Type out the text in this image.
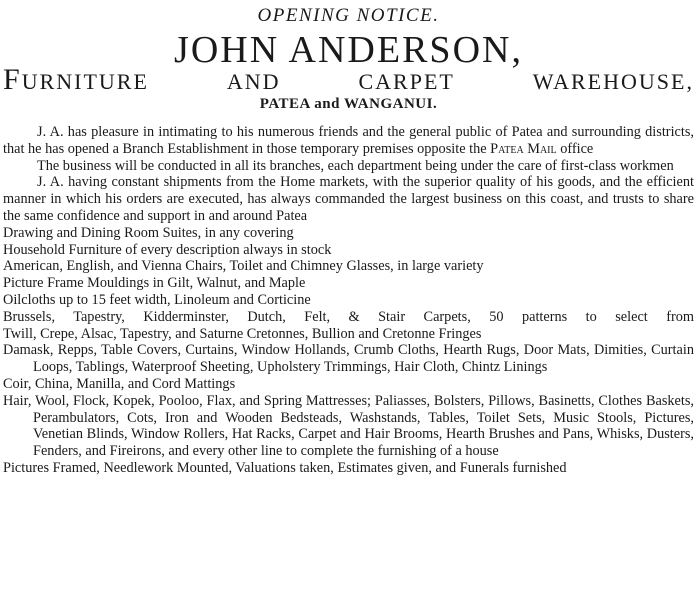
OPENING NOTICE.
JOHN ANDERSON,
FURNITURE	AND	CARPET	WAREHOUSE,
PATEA and WANGANUI.
J. A. has pleasure in intimating to his numerous friends and the general public of Patea and surrounding districts, that he has opened a Branch Establishment in those temporary premises opposite the Patea Mail office
The business will be conducted in all its branches, each department being under the care of first-class workmen
J. A. having constant shipments from the Home markets, with the superior quality of his goods, and the efficient manner in which his orders are executed, has always commanded the largest business on this coast, and trusts to share the same confidence and support in and around Patea
Drawing and Dining Room Suites, in any covering
Household Furniture of every description always in stock
American, English, and Vienna Chairs, Toilet and Chimney Glasses, in large variety
Picture Frame Mouldings in Gilt, Walnut, and Maple
Oilcloths up to 15 feet width, Linoleum and Corticine
Brussels, Tapestry, Kidderminster, Dutch, Felt, & Stair Carpets, 50 patterns to select from
Twill, Crepe, Alsac, Tapestry, and Saturne Cretonnes, Bullion and Cretonne Fringes
Damask, Repps, Table Covers, Curtains, Window Hollands, Crumb Cloths, Hearth Rugs, Door Mats, Dimities, Curtain Loops, Tablings, Waterproof Sheeting, Upholstery Trimmings, Hair Cloth, Chintz Linings
Coir, China, Manilla, and Cord Mattings
Hair, Wool, Flock, Kopek, Pooloo, Flax, and Spring Mattresses; Paliasses, Bolsters, Pillows, Basinetts, Clothes Baskets, Perambulators, Cots, Iron and Wooden Bedsteads, Washstands, Tables, Toilet Sets, Music Stools, Pictures, Venetian Blinds, Window Rollers, Hat Racks, Carpet and Hair Brooms, Hearth Brushes and Pans, Whisks, Dusters, Fenders, and Fireirons, and every other line to complete the furnishing of a house
Pictures Framed, Needlework Mounted, Valuations taken, Estimates given, and Funerals furnished
